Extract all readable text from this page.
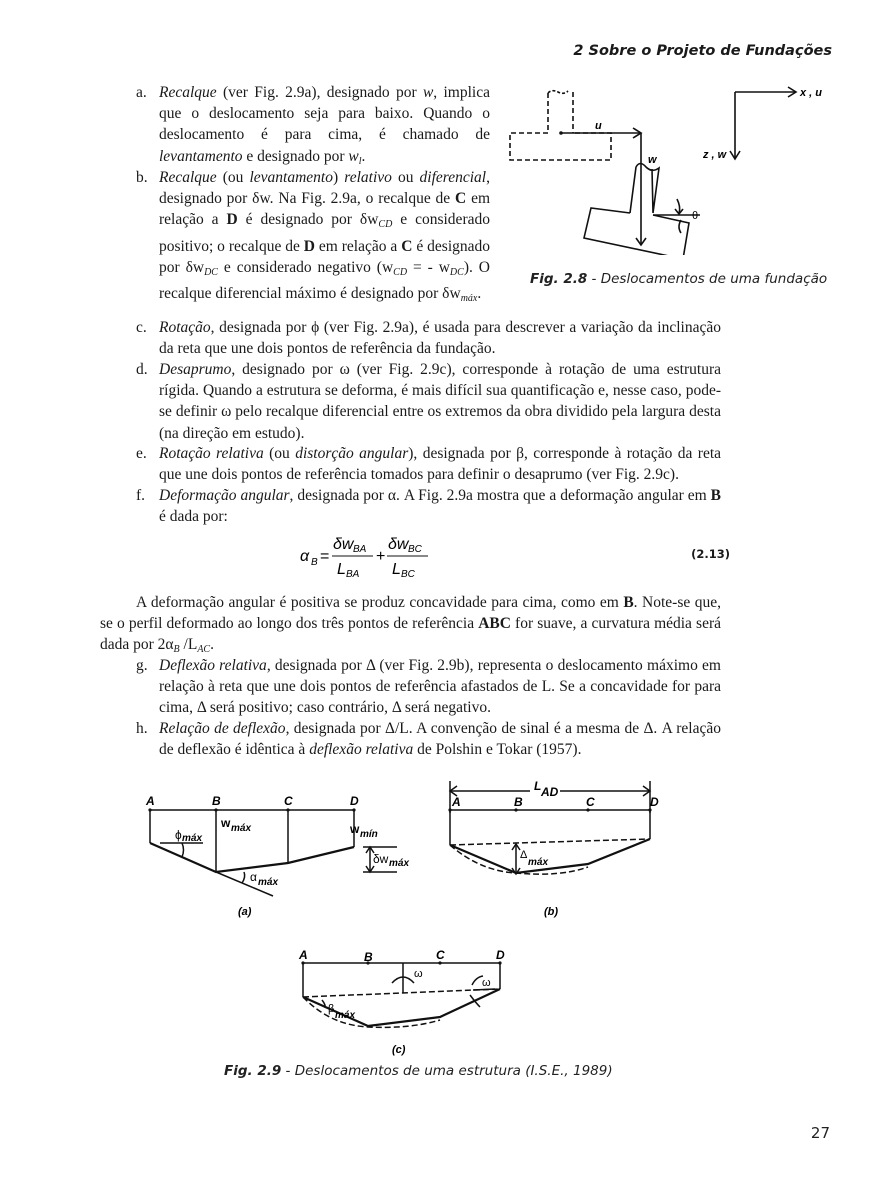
2 Sobre o Projeto de Fundações
a. Recalque (ver Fig. 2.9a), designado por w, implica que o deslocamento seja para baixo. Quando o deslocamento é para cima, é chamado de levantamento e designado por $w_l$.
b. Recalque (ou levantamento) relativo ou diferencial, designado por δw. Na Fig. 2.9a, o recalque de C em relação a D é designado por $\delta w_{CD}$ e considerado positivo; o recalque de D em relação a C é designado por $\delta w_{DC}$ e considerado negativo ($w_{CD}$ = - $w_{DC}$). O recalque diferencial máximo é designado por $\delta w_{máx}$.
u
w
θ
x , u
z , w
Fig. 2.8 - Deslocamentos de uma fundação
c. Rotação, designada por ϕ (ver Fig. 2.9a), é usada para descrever a variação da inclinação da reta que une dois pontos de referência da fundação.
d. Desaprumo, designado por ω (ver Fig. 2.9c), corresponde à rotação de uma estrutura rígida. Quando a estrutura se deforma, é mais difícil sua quantificação e, nesse caso, pode-se definir ω pelo recalque diferencial entre os extremos da obra dividido pela largura desta (na direção em estudo).
e. Rotação relativa (ou distorção angular), designada por β, corresponde à rotação da reta que une dois pontos de referência tomados para definir o desaprumo (ver Fig. 2.9c).
f. Deformação angular, designada por α. A Fig. 2.9a mostra que a deformação angular em B é dada por:
α B =
δw BA
L BA
+
δw BC
L BC
(2.13)
A deformação angular é positiva se produz concavidade para cima, como em B. Note-se que, se o perfil deformado ao longo dos três pontos de referência ABC for suave, a curvatura média será dada por $2\alpha_B$ $/L_{AC}$.
g. Deflexão relativa, designada por Δ (ver Fig. 2.9b), representa o deslocamento máximo em relação à reta que une dois pontos de referência afastados de L. Se a concavidade for para cima, Δ será positivo; caso contrário, Δ será negativo.
h. Relação de deflexão, designada por Δ/L. A convenção de sinal é a mesma de Δ. A relação de deflexão é idêntica à deflexão relativa de Polshin e Tokar (1957).
A	B	C	D
ϕ máx
w máx
α máx
w mín
δw máx
(a)
L AD
A	B	C	D
Δ
máx
(b)
A	B	C	D
ω
ω
β
máx
(c)
Fig. 2.9 - Deslocamentos de uma estrutura (I.S.E., 1989)
27
